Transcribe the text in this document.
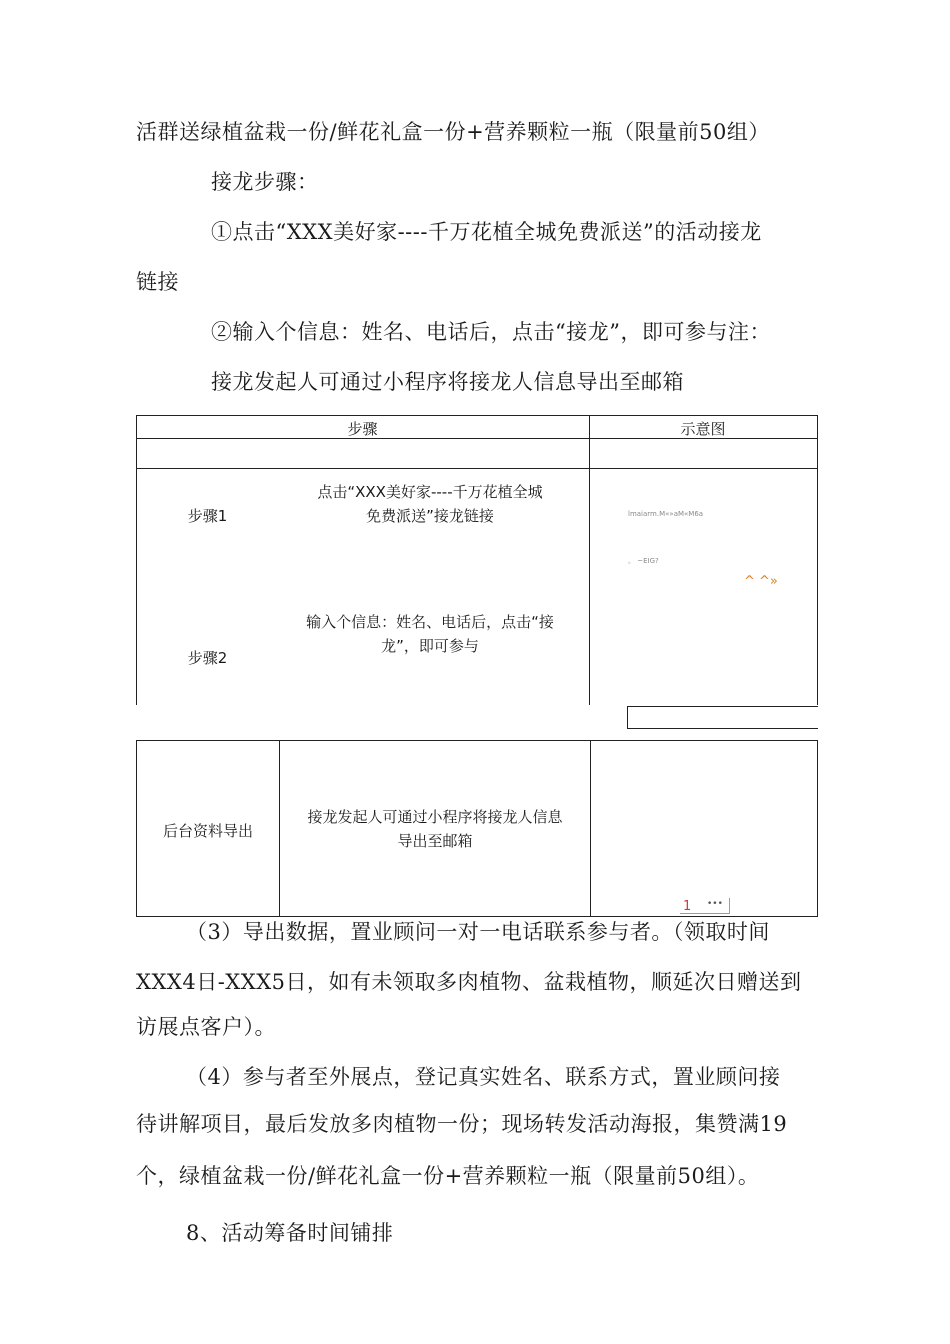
活群送绿植盆栽一份/鲜花礼盒一份+营养颗粒一瓶（限量前50组）
接龙步骤：
①点击“XXX美好家----千万花植全城免费派送”的活动接龙
链接
②输入个信息：姓名、电话后，点击“接龙”，即可参与注：
接龙发起人可通过小程序将接龙人信息导出至邮箱
步骤	示意图
步骤1
点击“XXX美好家----千万花植全城
免费派送”接龙链接
步骤2
输入个信息：姓名、电话后，点击“接
龙”，即可参与
lmaiarm.M«»aM«M6a
。 ~EIG?
^ ^»
后台资料导出
接龙发起人可通过小程序将接龙人信息
导出至邮箱
1 •••
（3）导出数据，置业顾问一对一电话联系参与者。（领取时间
XXX4日-XXX5日，如有未领取多肉植物、盆栽植物，顺延次日赠送到
访展点客户）。
（4）参与者至外展点，登记真实姓名、联系方式，置业顾问接
待讲解项目，最后发放多肉植物一份；现场转发活动海报，集赞满19
个，绿植盆栽一份/鲜花礼盒一份+营养颗粒一瓶（限量前50组）。
8、活动筹备时间铺排
